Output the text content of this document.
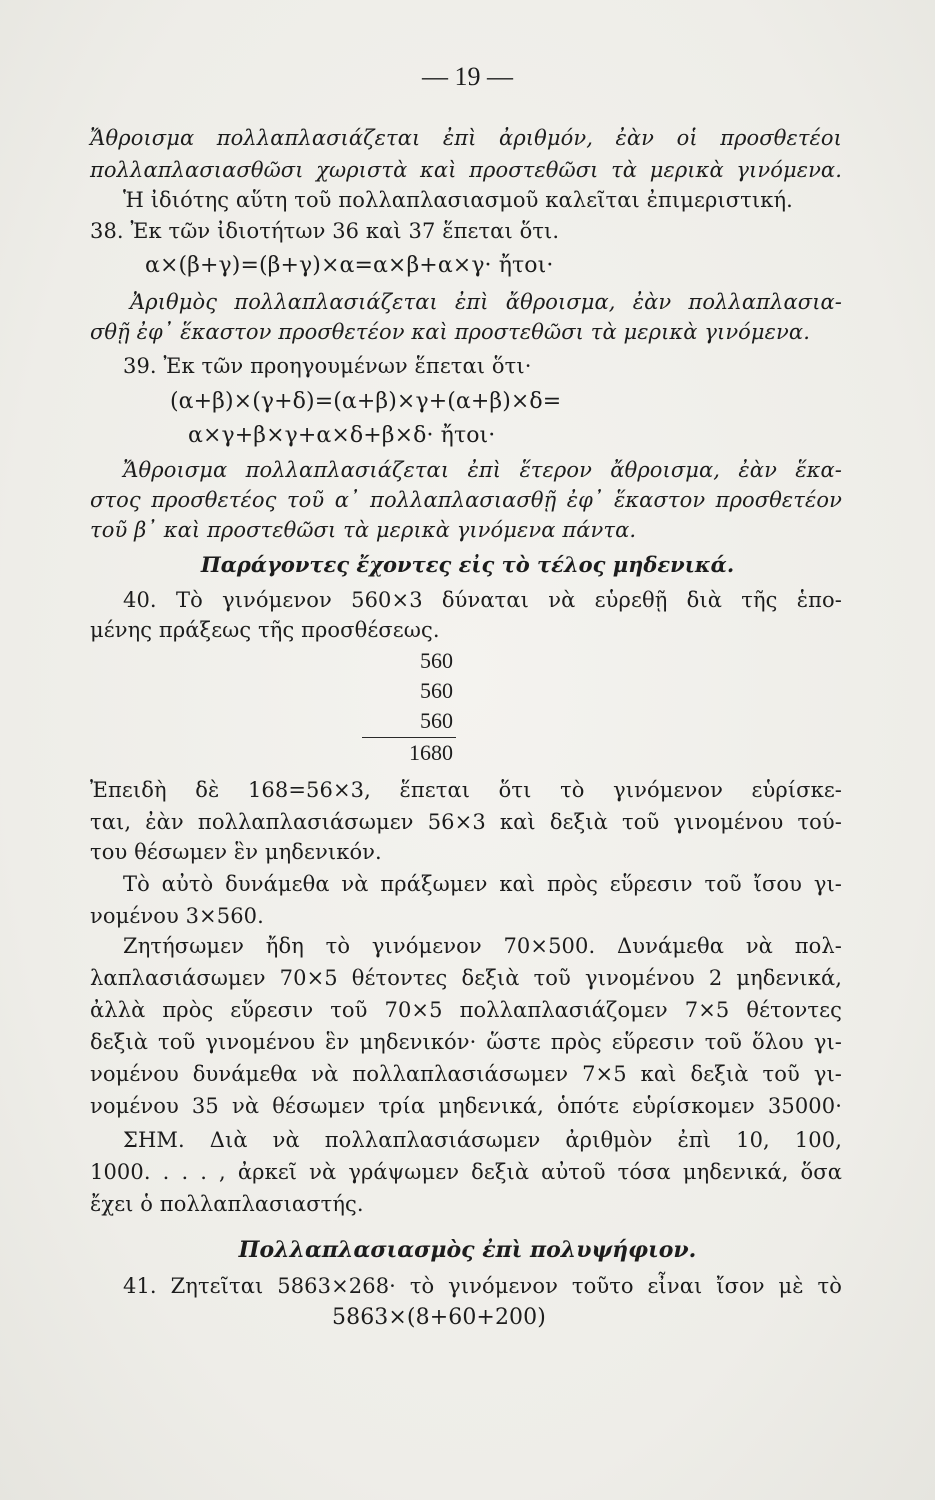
— 19 —
Ἄθροισμα πολλαπλασιάζεται ἐπὶ ἀριθμόν, ἐὰν οἱ προσθετέοι
πολλαπλασιασθῶσι χωριστὰ καὶ προστεθῶσι τὰ μερικὰ γινόμενα.
Ἡ ἰδιότης αὕτη τοῦ πολλαπλασιασμοῦ καλεῖται ἐπιμεριστική.
38. Ἐκ τῶν ἰδιοτήτων 36 καὶ 37 ἕπεται ὅτι.
α×(β+γ)=(β+γ)×α=α×β+α×γ· ἤτοι·
Ἀριθμὸς πολλαπλασιάζεται ἐπὶ ἄθροισμα, ἐὰν πολλαπλασια-
σθῇ ἐφ᾽ ἕκαστον προσθετέον καὶ προστεθῶσι τὰ μερικὰ γινόμενα.
39. Ἐκ τῶν προηγουμένων ἕπεται ὅτι·
(α+β)×(γ+δ)=(α+β)×γ+(α+β)×δ=
α×γ+β×γ+α×δ+β×δ· ἤτοι·
Ἄθροισμα πολλαπλασιάζεται ἐπὶ ἕτερον ἄθροισμα, ἐὰν ἕκα-
στος προσθετέος τοῦ α᾽ πολλαπλασιασθῇ ἐφ᾽ ἕκαστον προσθετέον
τοῦ β᾽ καὶ προστεθῶσι τὰ μερικὰ γινόμενα πάντα.
Παράγοντες ἔχοντες εἰς τὸ τέλος μηδενικά.
40. Τὸ γινόμενον 560×3 δύναται νὰ εὑρεθῇ διὰ τῆς ἑπο-
μένης πράξεως τῆς προσθέσεως.
560
560
560
1680
Ἐπειδὴ δὲ 168=56×3, ἕπεται ὅτι τὸ γινόμενον εὑρίσκε-
ται, ἐὰν πολλαπλασιάσωμεν 56×3 καὶ δεξιὰ τοῦ γινομένου τού-
του θέσωμεν ἓν μηδενικόν.
Τὸ αὐτὸ δυνάμεθα νὰ πράξωμεν καὶ πρὸς εὕρεσιν τοῦ ἴσου γι-
νομένου 3×560.
Ζητήσωμεν ἤδη τὸ γινόμενον 70×500. Δυνάμεθα νὰ πολ-
λαπλασιάσωμεν 70×5 θέτοντες δεξιὰ τοῦ γινομένου 2 μηδενικά,
ἀλλὰ πρὸς εὕρεσιν τοῦ 70×5 πολλαπλασιάζομεν 7×5 θέτοντες
δεξιὰ τοῦ γινομένου ἓν μηδενικόν· ὥστε πρὸς εὕρεσιν τοῦ ὅλου γι-
νομένου δυνάμεθα νὰ πολλαπλασιάσωμεν 7×5 καὶ δεξιὰ τοῦ γι-
νομένου 35 νὰ θέσωμεν τρία μηδενικά, ὁπότε εὑρίσκομεν 35000·
ΣΗΜ. Διὰ νὰ πολλαπλασιάσωμεν ἀριθμὸν ἐπὶ 10, 100,
1000. . . . , ἀρκεῖ νὰ γράψωμεν δεξιὰ αὐτοῦ τόσα μηδενικά, ὅσα
ἔχει ὁ πολλαπλασιαστής.
Πολλαπλασιασμὸς ἐπὶ πολυψήφιον.
41. Ζητεῖται 5863×268· τὸ γινόμενον τοῦτο εἶναι ἴσον μὲ τὸ
5863×(8+60+200)
